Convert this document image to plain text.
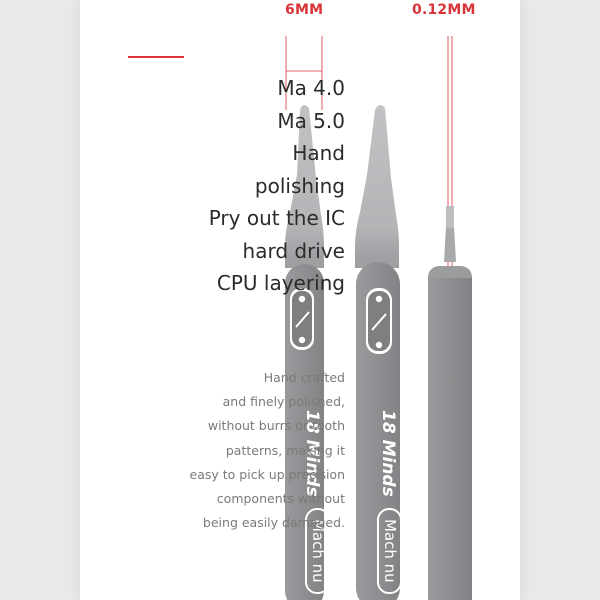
6MM	0.12MM
18 Minds
Mach nu
18 Minds
Mach nu
Ma 4.0
Ma 5.0
Hand
polishing
Pry out the IC
hard drive
CPU layering
Hand crafted
and finely polished,
without burrs or tooth
patterns, making it
easy to pick up precision
components without
being easily damaged.
